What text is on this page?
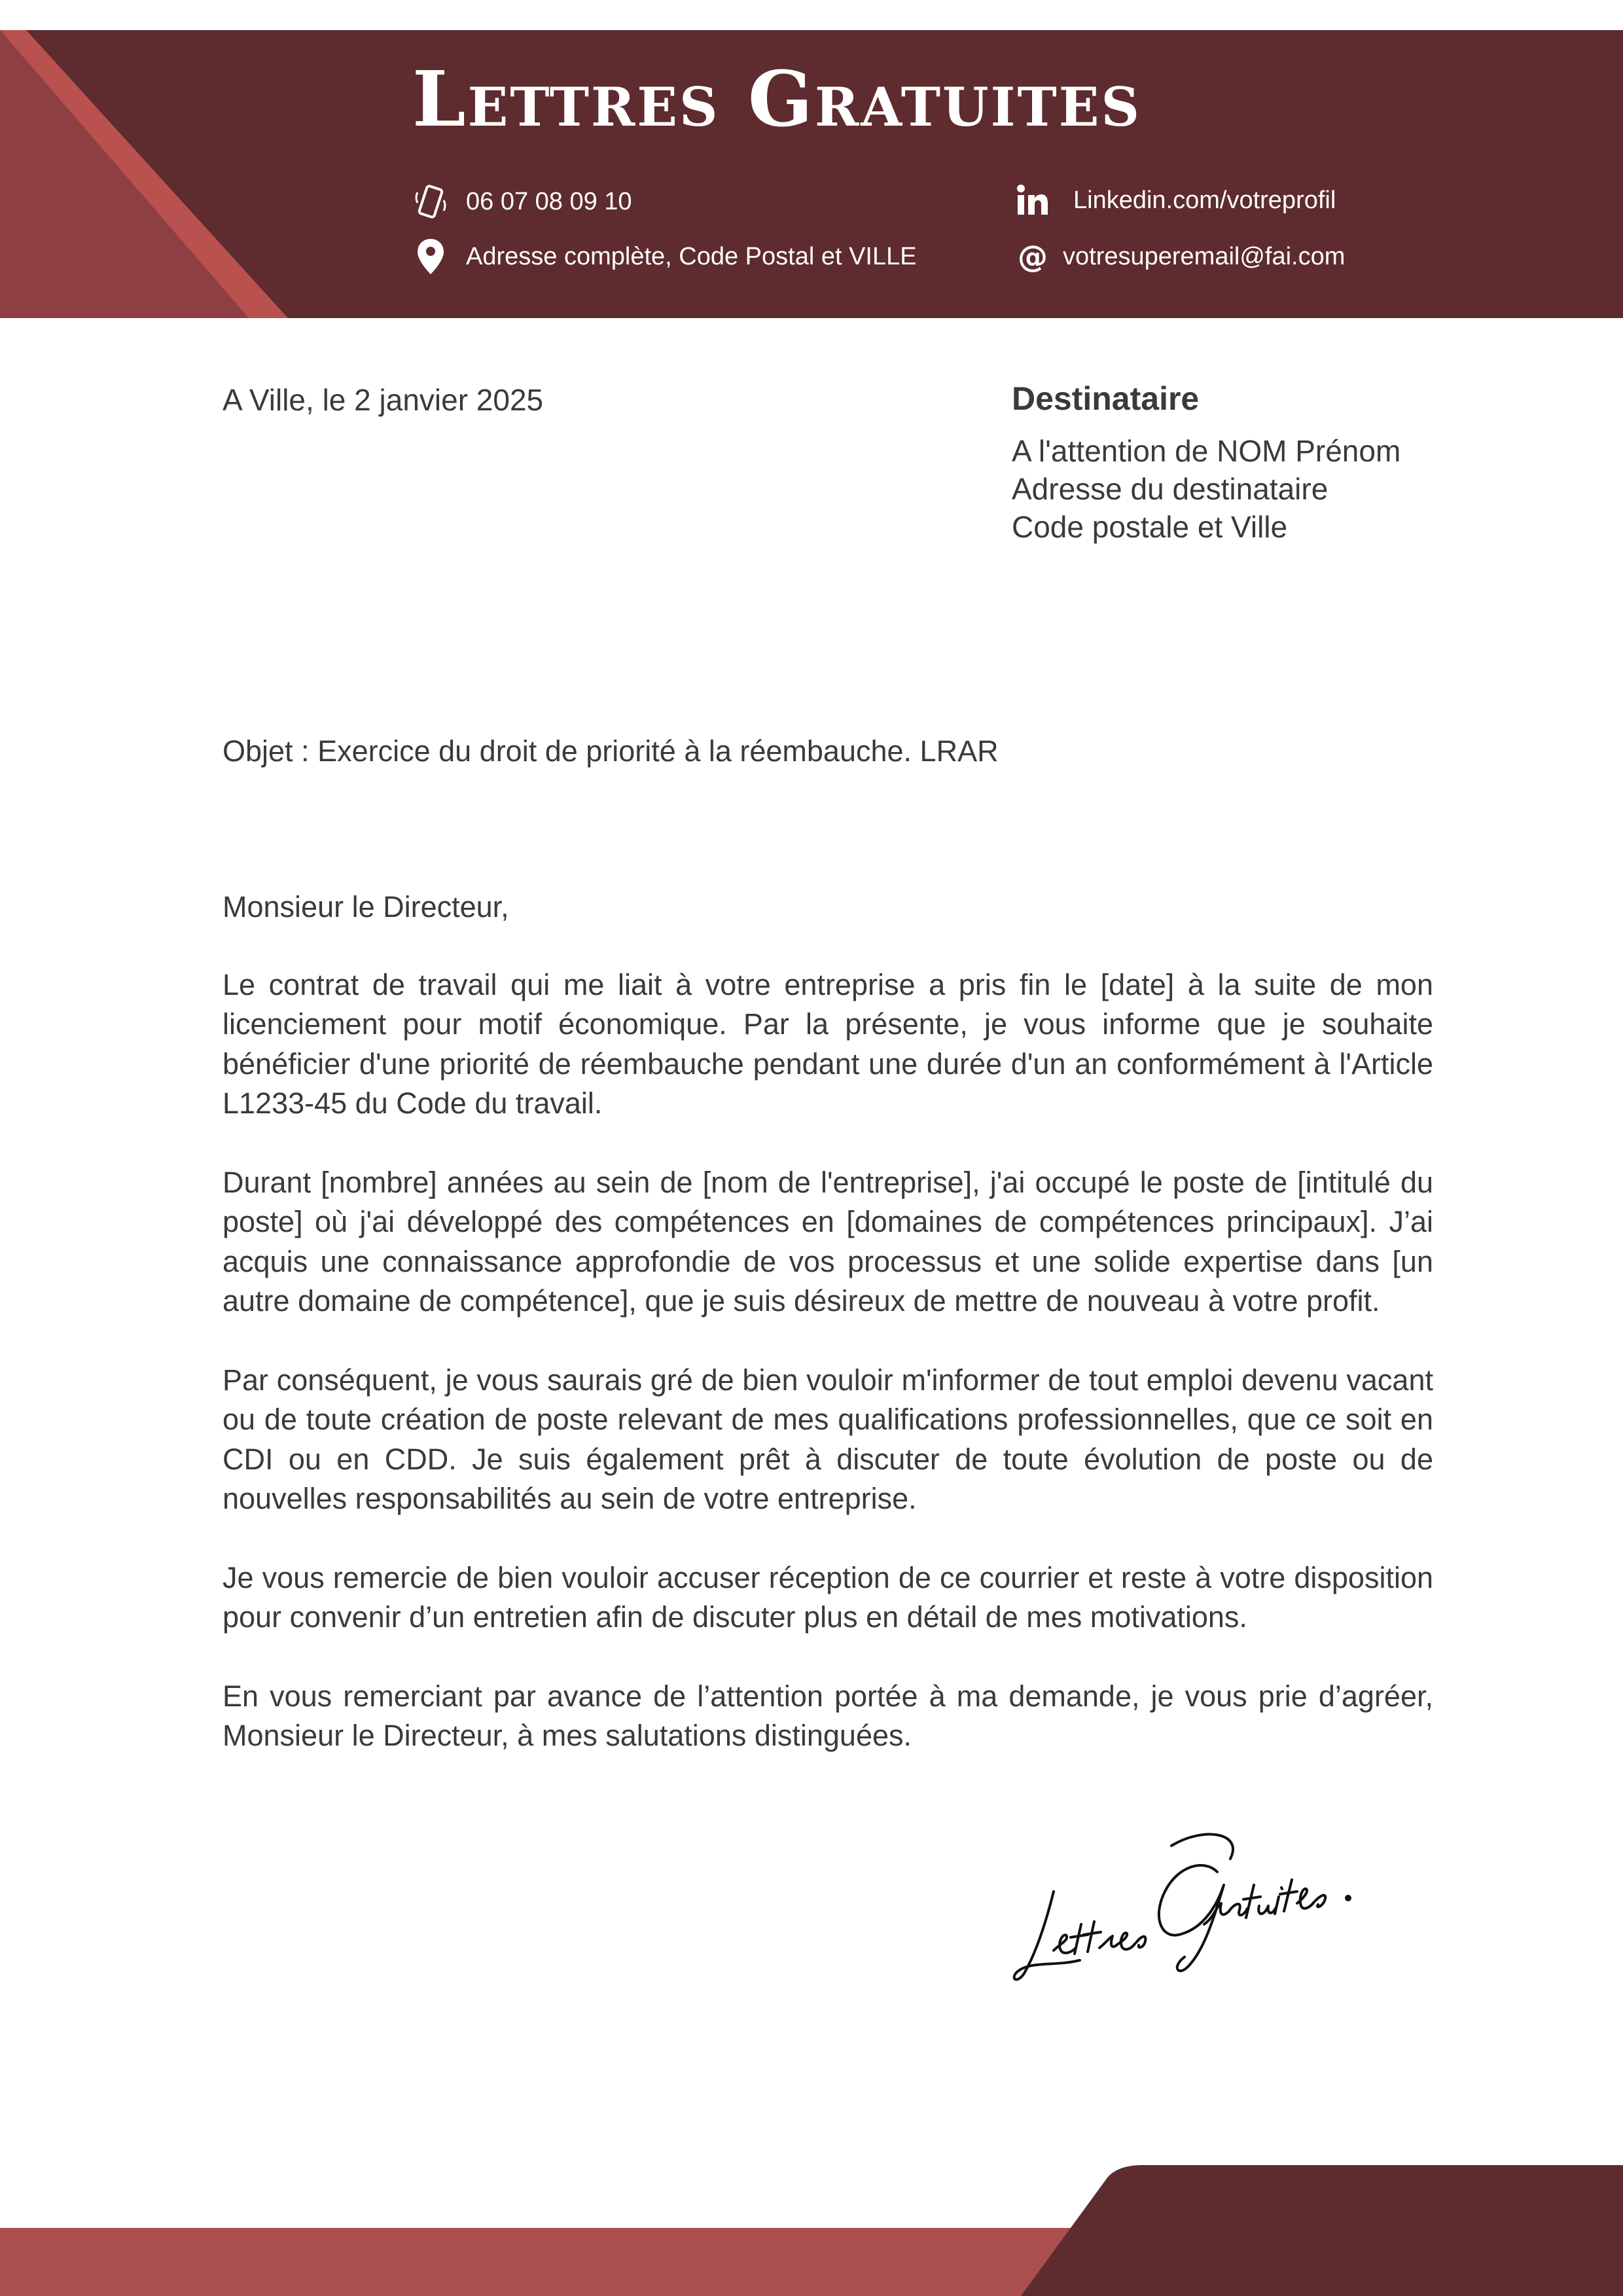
Lettres Gratuites
06 07 08 09 10
Adresse complète, Code Postal et VILLE
Linkedin.com/votreprofil
@ votresuperemail@fai.com
A Ville, le 2 janvier 2025	Destinataire
A l'attention de NOM Prénom
Adresse du destinataire
Code postale et Ville
Objet : Exercice du droit de priorité à la réembauche. LRAR

Monsieur le Directeur,

Le contrat de travail qui me liait à votre entreprise a pris fin le [date] à la suite de mon licenciement pour motif économique. Par la présente, je vous informe que je souhaite bénéficier d'une priorité de réembauche pendant une durée d'un an conformément à l'Article L1233-45 du Code du travail.

Durant [nombre] années au sein de [nom de l'entreprise], j'ai occupé le poste de [intitulé du poste] où j'ai développé des compétences en [domaines de compétences principaux]. J’ai acquis une connaissance approfondie de vos processus et une solide expertise dans [un autre domaine de compétence], que je suis désireux de mettre de nouveau à votre profit.

Par conséquent, je vous saurais gré de bien vouloir m'informer de tout emploi devenu vacant ou de toute création de poste relevant de mes qualifications professionnelles, que ce soit en CDI ou en CDD. Je suis également prêt à discuter de toute évolution de poste ou de nouvelles responsabilités au sein de votre entreprise.

Je vous remercie de bien vouloir accuser réception de ce courrier et reste à votre disposition pour convenir d’un entretien afin de discuter plus en détail de mes motivations.

En vous remerciant par avance de l’attention portée à ma demande, je vous prie d’agréer, Monsieur le Directeur, à mes salutations distinguées.
